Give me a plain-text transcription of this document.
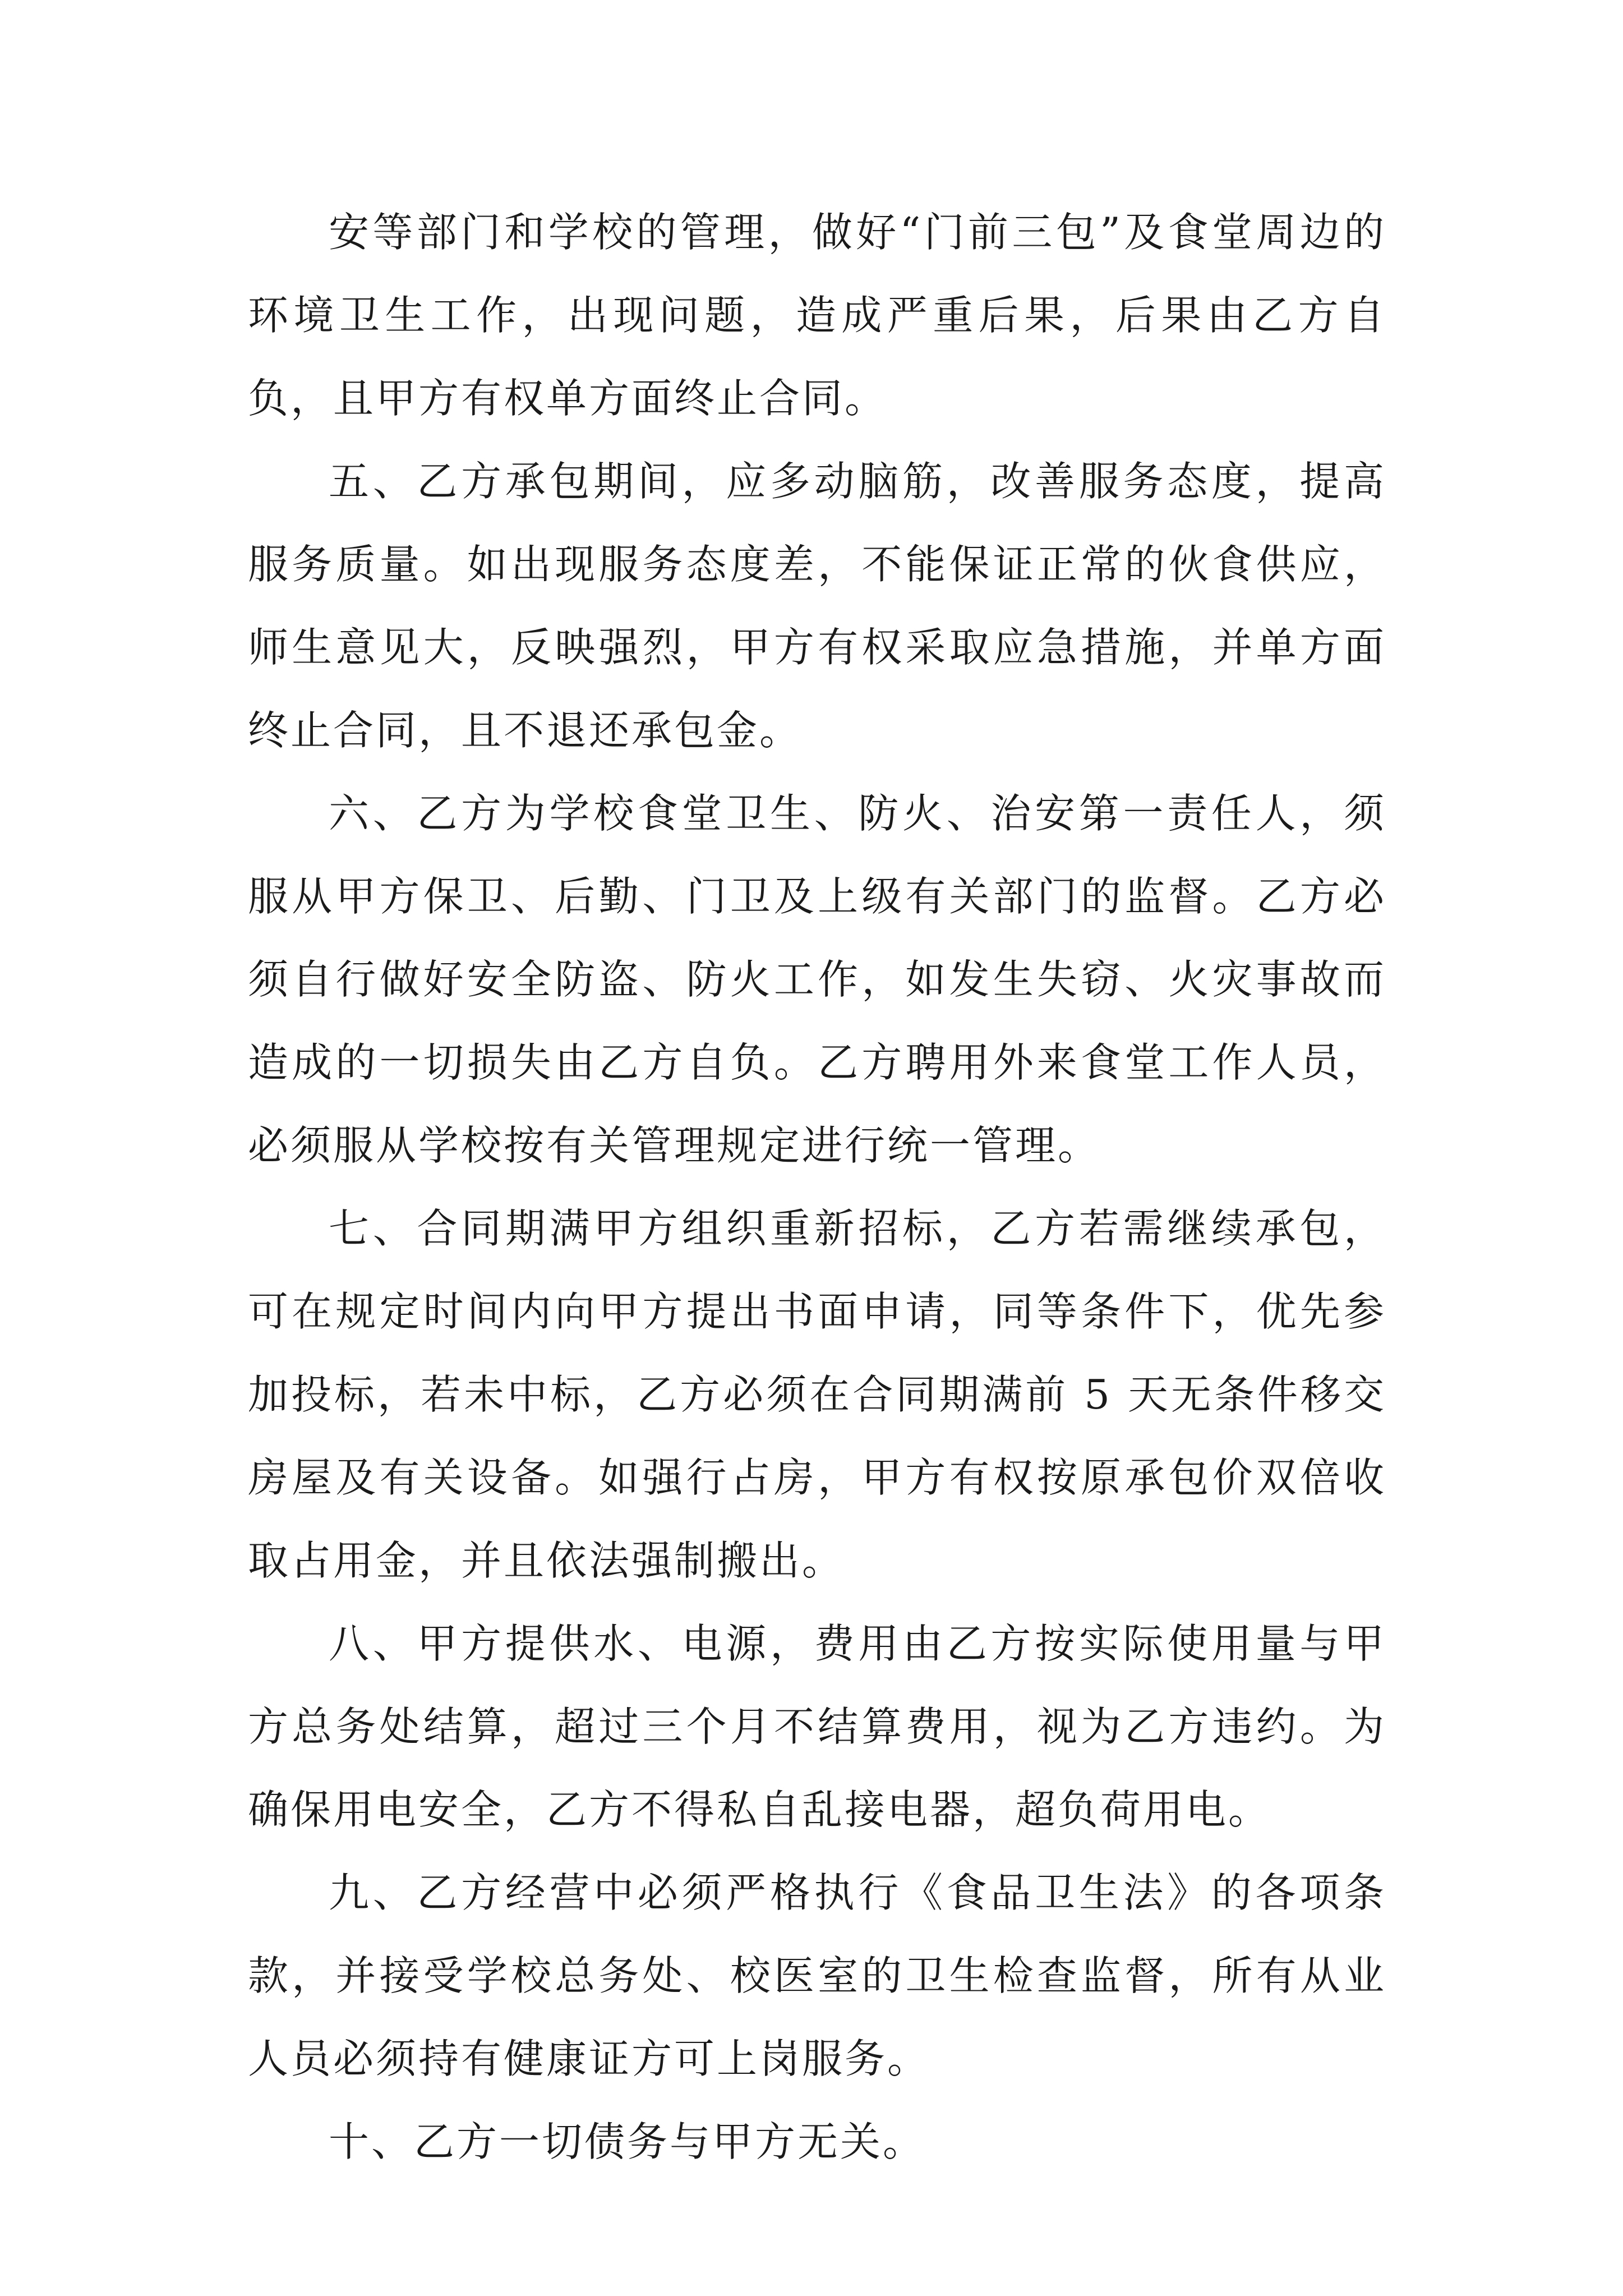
安等部门和学校的管理，做好“门前三包”及食堂周边的环境卫生工作，出现问题，造成严重后果，后果由乙方自负，且甲方有权单方面终止合同。

五、乙方承包期间，应多动脑筋，改善服务态度，提高服务质量。如出现服务态度差，不能保证正常的伙食供应，师生意见大，反映强烈，甲方有权采取应急措施，并单方面终止合同，且不退还承包金。

六、乙方为学校食堂卫生、防火、治安第一责任人，须服从甲方保卫、后勤、门卫及上级有关部门的监督。乙方必须自行做好安全防盗、防火工作，如发生失窃、火灾事故而造成的一切损失由乙方自负。乙方聘用外来食堂工作人员，必须服从学校按有关管理规定进行统一管理。

七、合同期满甲方组织重新招标，乙方若需继续承包，可在规定时间内向甲方提出书面申请，同等条件下，优先参加投标，若未中标，乙方必须在合同期满前 5 天无条件移交房屋及有关设备。如强行占房，甲方有权按原承包价双倍收取占用金，并且依法强制搬出。

八、甲方提供水、电源，费用由乙方按实际使用量与甲方总务处结算，超过三个月不结算费用，视为乙方违约。为确保用电安全，乙方不得私自乱接电器，超负荷用电。

九、乙方经营中必须严格执行《食品卫生法》的各项条款，并接受学校总务处、校医室的卫生检查监督，所有从业人员必须持有健康证方可上岗服务。

十、乙方一切债务与甲方无关。
